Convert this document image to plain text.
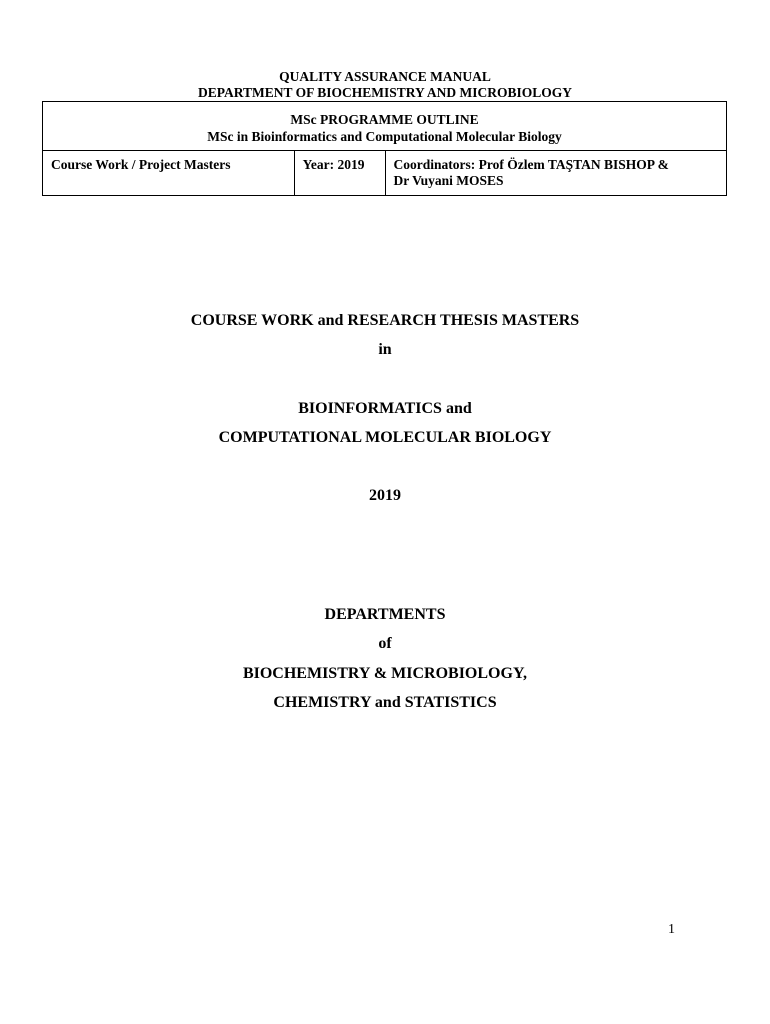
QUALITY ASSURANCE MANUAL
DEPARTMENT OF BIOCHEMISTRY AND MICROBIOLOGY
MSc PROGRAMME OUTLINE
MSc in Bioinformatics and Computational Molecular Biology

Course Work / Project Masters	Year: 2019	Coordinators: Prof Özlem TAŞTAN BISHOP &
Dr Vuyani MOSES
COURSE WORK and RESEARCH THESIS MASTERS
in
BIOINFORMATICS and
COMPUTATIONAL MOLECULAR BIOLOGY
2019
DEPARTMENTS
of
BIOCHEMISTRY & MICROBIOLOGY,
CHEMISTRY and STATISTICS
1
